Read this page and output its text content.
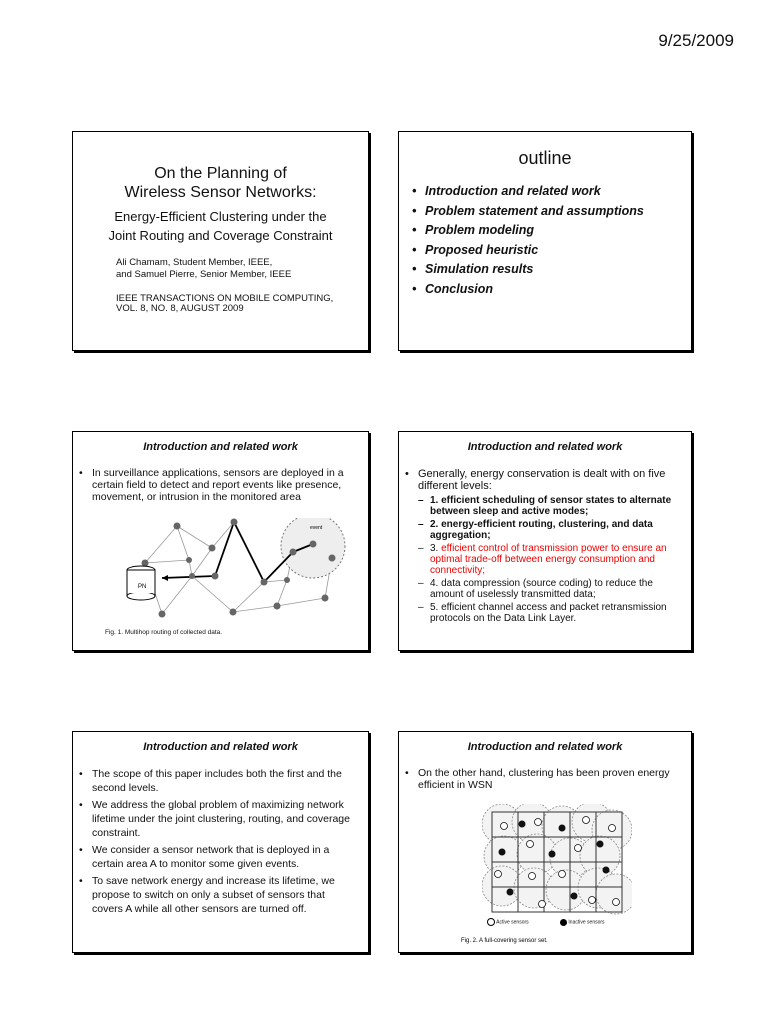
9/25/2009
On the Planning of
Wireless Sensor Networks:
Energy-Efficient Clustering under the
Joint Routing and Coverage Constraint
Ali Chamam, Student Member, IEEE,
and Samuel Pierre, Senior Member, IEEE
IEEE TRANSACTIONS ON MOBILE COMPUTING,
VOL. 8, NO. 8, AUGUST 2009
outline
• Introduction and related work
• Problem statement and assumptions
• Problem modeling
• Proposed heuristic
• Simulation results
• Conclusion
Introduction and related work
• In surveillance applications, sensors are deployed in a certain field to detect and report events like presence, movement, or intrusion in the monitored area
PN
event
Fig. 1. Multihop routing of collected data.
Introduction and related work
• Generally, energy conservation is dealt with on five different levels:
– 1. efficient scheduling of sensor states to alternate between sleep and active modes;
– 2. energy-efficient routing, clustering, and data aggregation;
– 3. efficient control of transmission power to ensure an optimal trade-off between energy consumption and connectivity;
– 4. data compression (source coding) to reduce the amount of uselessly transmitted data;
– 5. efficient channel access and packet retransmission protocols on the Data Link Layer.
Introduction and related work
• The scope of this paper includes both the first and the second levels.
• We address the global problem of maximizing network lifetime under the joint clustering, routing, and coverage constraint.
• We consider a sensor network that is deployed in a certain area A to monitor some given events.
• To save network energy and increase its lifetime, we propose to switch on only a subset of sensors that covers A while all other sensors are turned off.
Introduction and related work
• On the other hand, clustering has been proven energy efficient in WSN
Active sensors	Inactive sensors
Fig. 2. A full-covering sensor set.
